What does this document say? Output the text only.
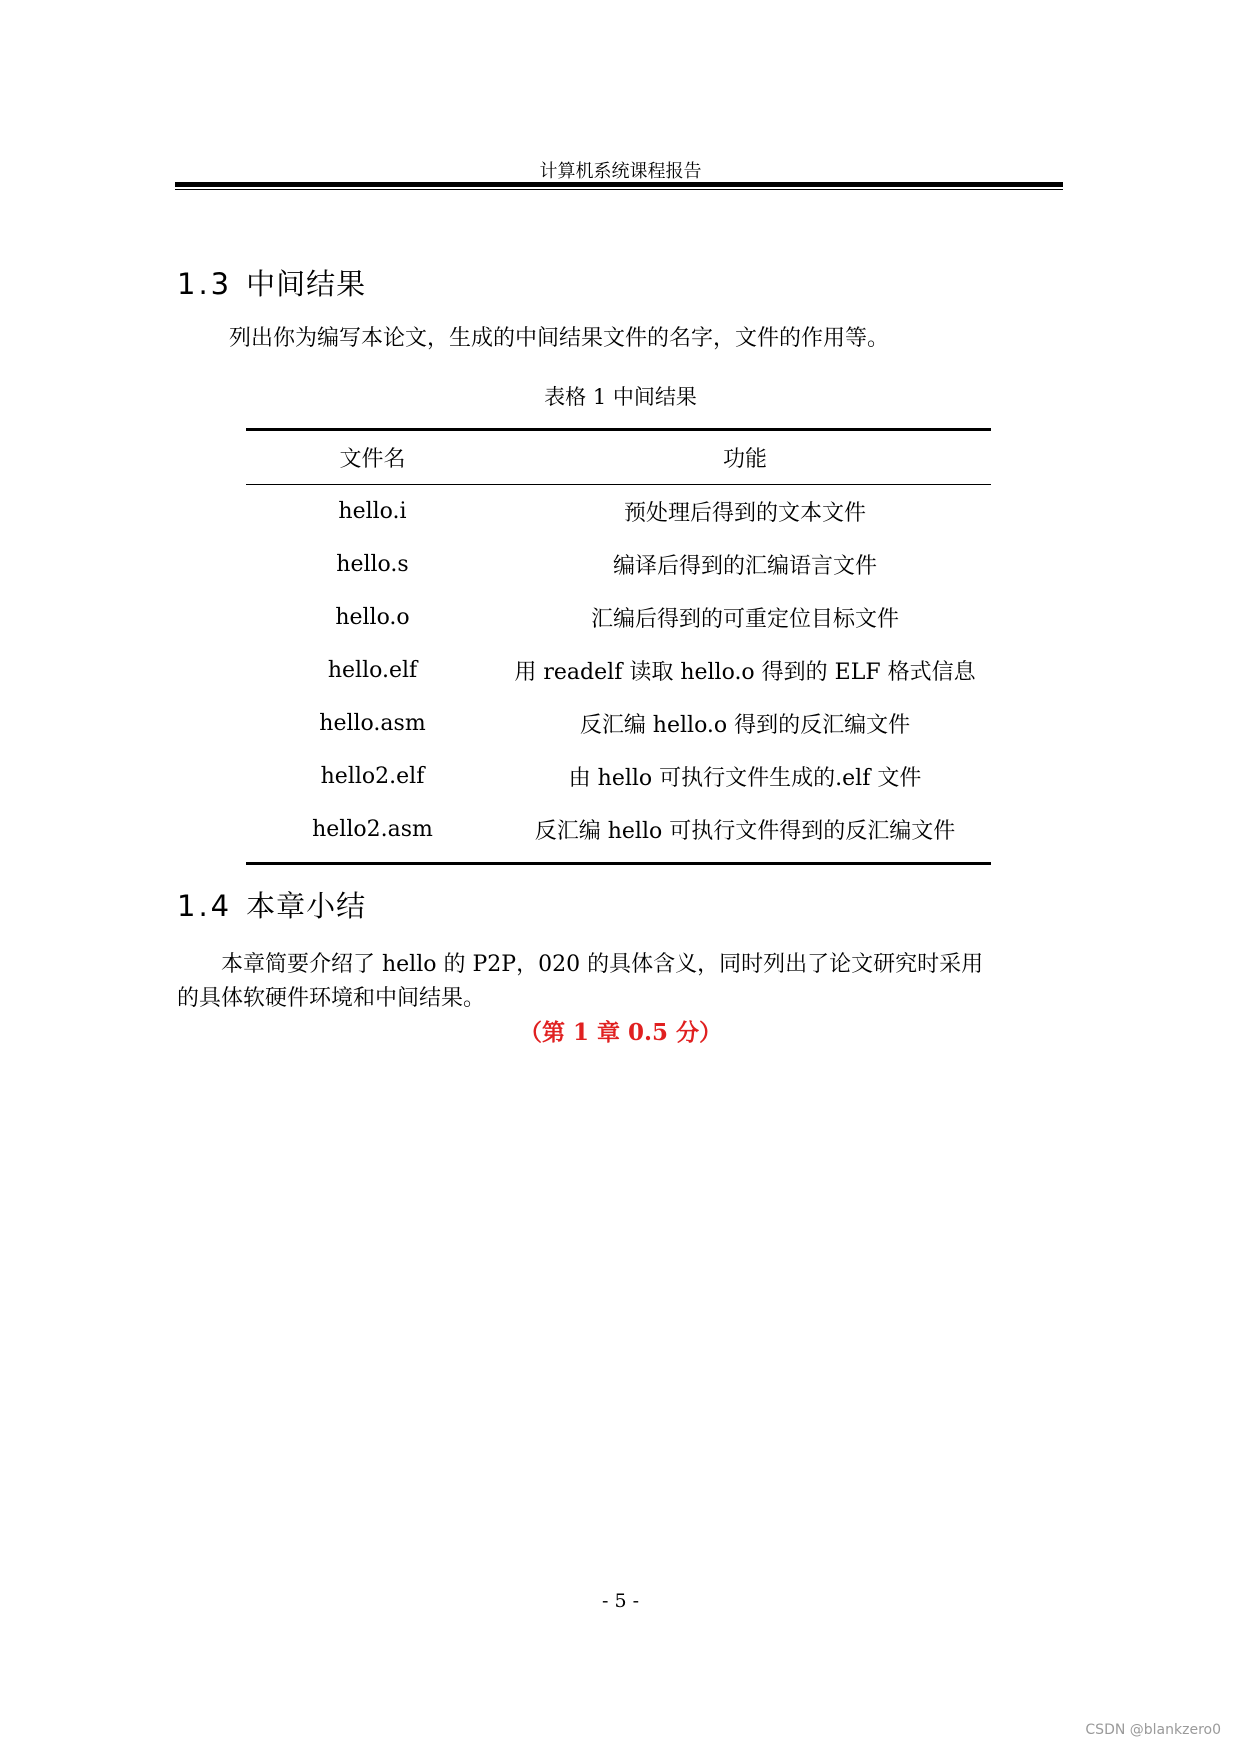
计算机系统课程报告
1.3 中间结果
列出你为编写本论文，生成的中间结果文件的名字，文件的作用等。
表格 1 中间结果
文件名	功能
hello.i	预处理后得到的文本文件
hello.s	编译后得到的汇编语言文件
hello.o	汇编后得到的可重定位目标文件
hello.elf	用 readelf 读取 hello.o 得到的 ELF 格式信息
hello.asm	反汇编 hello.o 得到的反汇编文件
hello2.elf	由 hello 可执行文件生成的.elf 文件
hello2.asm	反汇编 hello 可执行文件得到的反汇编文件
1.4 本章小结
本章简要介绍了 hello 的 P2P，020 的具体含义，同时列出了论文研究时采用
的具体软硬件环境和中间结果。
（第 1 章 0.5 分）
- 5 -
CSDN @blankzero0
